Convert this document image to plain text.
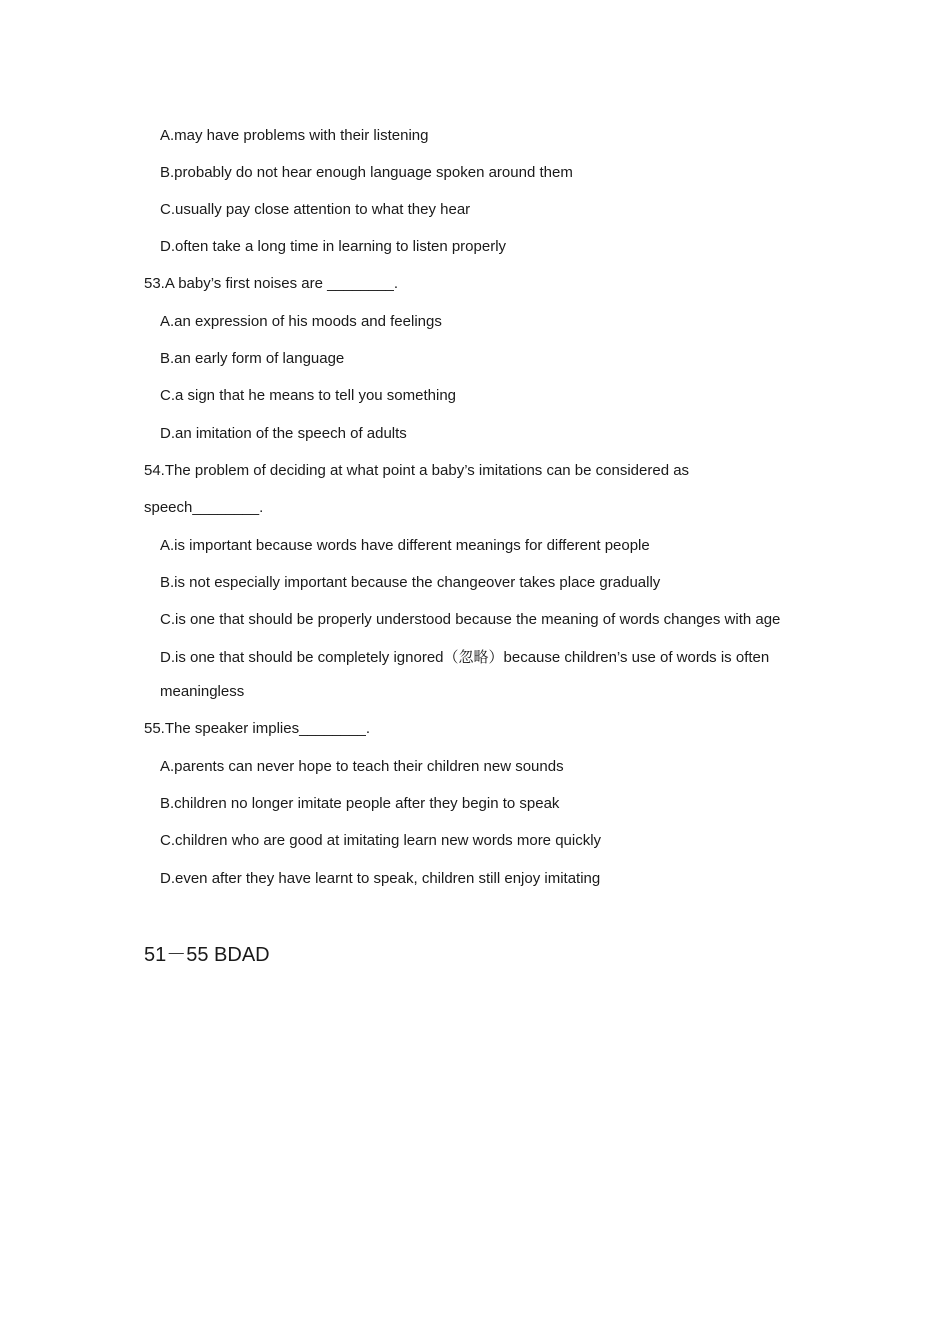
A.may have problems with their listening
B.probably do not hear enough language spoken around them
C.usually pay close attention to what they hear
D.often take a long time in learning to listen properly
53.A baby’s first noises are ________.
A.an expression of his moods and feelings
B.an early form of language
C.a sign that he means to tell you something
D.an imitation of the speech of adults
54.The problem of deciding at what point a baby’s imitations can be considered as
speech________.
A.is important because words have different meanings for different people
B.is not especially important because the changeover takes place gradually
C.is one that should be properly understood because the meaning of words changes with age
D.is one that should be completely ignored（忽略）because children’s use of words is often
meaningless
55.The speaker implies________.
A.parents can never hope to teach their children new sounds
B.children no longer imitate people after they begin to speak
C.children who are good at imitating learn new words more quickly
D.even after they have learnt to speak, children still enjoy imitating
51－55 BDAD
